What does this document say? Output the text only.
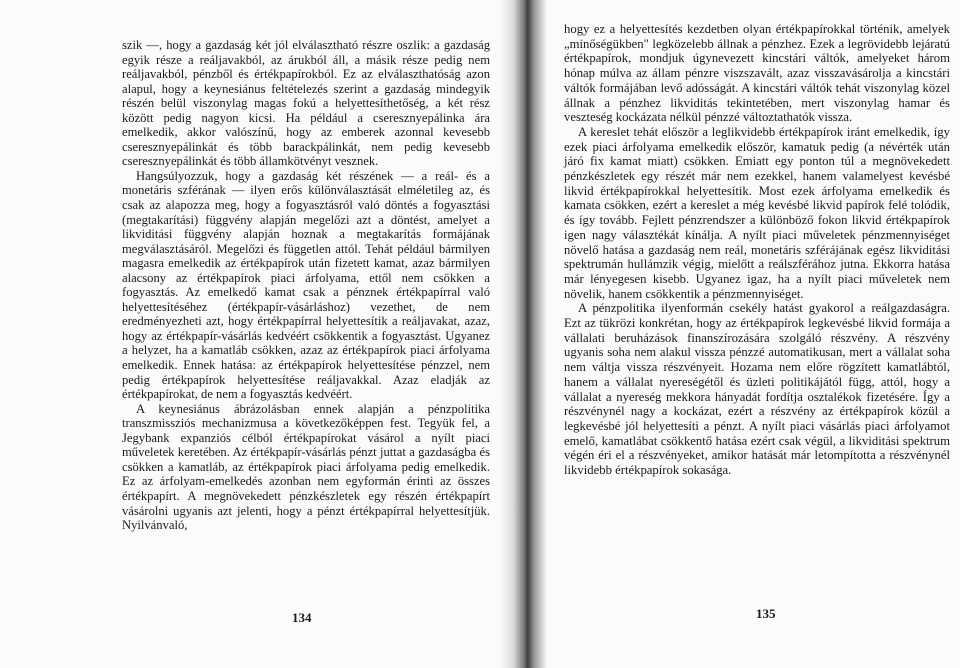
szik —, hogy a gazdaság két jól elválasztható részre oszlik: a gazdaság egyik része a reáljavakból, az árukból áll, a másik része pedig nem reáljavakból, pénzből és értékpapírokból. Ez az elválaszthatóság azon alapul, hogy a keynesiánus feltételezés szerint a gazdaság mindegyik részén belül viszonylag magas fokú a helyettesíthetőség, a két rész között pedig nagyon kicsi. Ha például a cseresznyepálinka ára emelkedik, akkor valószínű, hogy az emberek azonnal kevesebb cseresznyepálinkát és több barackpálinkát, nem pedig kevesebb cseresznyepálinkát és több államkötvényt vesznek.

Hangsúlyozzuk, hogy a gazdaság két részének — a reál- és a monetáris szférának — ilyen erős különválasztását elméletileg az, és csak az alapozza meg, hogy a fogyasztásról való döntés a fogyasztási (megtakarítási) függvény alapján megelőzi azt a döntést, amelyet a likviditási függvény alapján hoznak a megtakarítás formájának megválasztásáról. Megelőzi és független attól. Tehát például bármilyen magasra emelkedik az értékpapírok után fizetett kamat, azaz bármilyen alacsony az értékpapírok piaci árfolyama, ettől nem csökken a fogyasztás. Az emelkedő kamat csak a pénznek értékpapírral való helyettesítéséhez (értékpapír-vásárláshoz) vezethet, de nem eredményezheti azt, hogy értékpapírral helyettesítik a reáljavakat, azaz, hogy az értékpapír-vásárlás kedvéért csökkentik a fogyasztást. Ugyanez a helyzet, ha a kamatláb csökken, azaz az értékpapírok piaci árfolyama emelkedik. Ennek hatása: az értékpapírok helyettesítése pénzzel, nem pedig értékpapírok helyettesítése reáljavakkal. Azaz eladják az értékpapírokat, de nem a fogyasztás kedvéért.

A keynesiánus ábrázolásban ennek alapján a pénzpolitika transzmissziós mechanizmusa a következőképpen fest. Tegyük fel, a Jegybank expanziós célból értékpapírokat vásárol a nyílt piaci műveletek keretében. Az értékpapír-vásárlás pénzt juttat a gazdaságba és csökken a kamatláb, az értékpapírok piaci árfolyama pedig emelkedik. Ez az árfolyam-emelkedés azonban nem egyformán érinti az összes értékpapírt. A megnövekedett pénzkészletek egy részén értékpapírt vásárolni ugyanis azt jelenti, hogy a pénzt értékpapírral helyettesítjük. Nyilvánvaló,

hogy ez a helyettesítés kezdetben olyan értékpapírokkal történik, amelyek „minőségükben" legközelebb állnak a pénzhez. Ezek a legrövidebb lejáratú értékpapírok, mondjuk úgynevezett kincstári váltók, amelyeket három hónap múlva az állam pénzre viszszavált, azaz visszavásárolja a kincstári váltók formájában levő adósságát. A kincstári váltók tehát viszonylag közel állnak a pénzhez likviditás tekintetében, mert viszonylag hamar és veszteség kockázata nélkül pénzzé változtathatók vissza.

A kereslet tehát először a leglikvidebb értékpapírok iránt emelkedik, így ezek piaci árfolyama emelkedik először, kamatuk pedig (a névérték után járó fix kamat miatt) csökken. Emiatt egy ponton túl a megnövekedett pénzkészletek egy részét már nem ezekkel, hanem valamelyest kevésbé likvid értékpapírokkal helyettesítik. Most ezek árfolyama emelkedik és kamata csökken, ezért a kereslet a még kevésbé likvid papírok felé tolódik, és így tovább. Fejlett pénzrendszer a különböző fokon likvid értékpapírok igen nagy választékát kínálja. A nyílt piaci műveletek pénzmennyiséget növelő hatása a gazdaság nem reál, monetáris szférájának egész likviditási spektrumán hullámzik végig, mielőtt a reálszférához jutna. Ekkorra hatása már lényegesen kisebb. Ugyanez igaz, ha a nyílt piaci műveletek nem növelik, hanem csökkentik a pénzmennyiséget.

A pénzpolitika ilyenformán csekély hatást gyakorol a reálgazdaságra. Ezt az tükrözi konkrétan, hogy az értékpapírok legkevésbé likvid formája a vállalati beruházások finanszírozására szolgáló részvény. A részvény ugyanis soha nem alakul vissza pénzzé automatikusan, mert a vállalat soha nem váltja vissza részvényeit. Hozama nem előre rögzített kamatlábtól, hanem a vállalat nyereségétől és üzleti politikájától függ, attól, hogy a vállalat a nyereség mekkora hányadát fordítja osztalékok fizetésére. Így a részvénynél nagy a kockázat, ezért a részvény az értékpapírok közül a legkevésbé jól helyettesíti a pénzt. A nyílt piaci vásárlás piaci árfolyamot emelő, kamatlábat csökkentő hatása ezért csak végül, a likviditási spektrum végén éri el a részvényeket, amikor hatását már letompította a részvénynél likvidebb értékpapírok sokasága.

134	135
